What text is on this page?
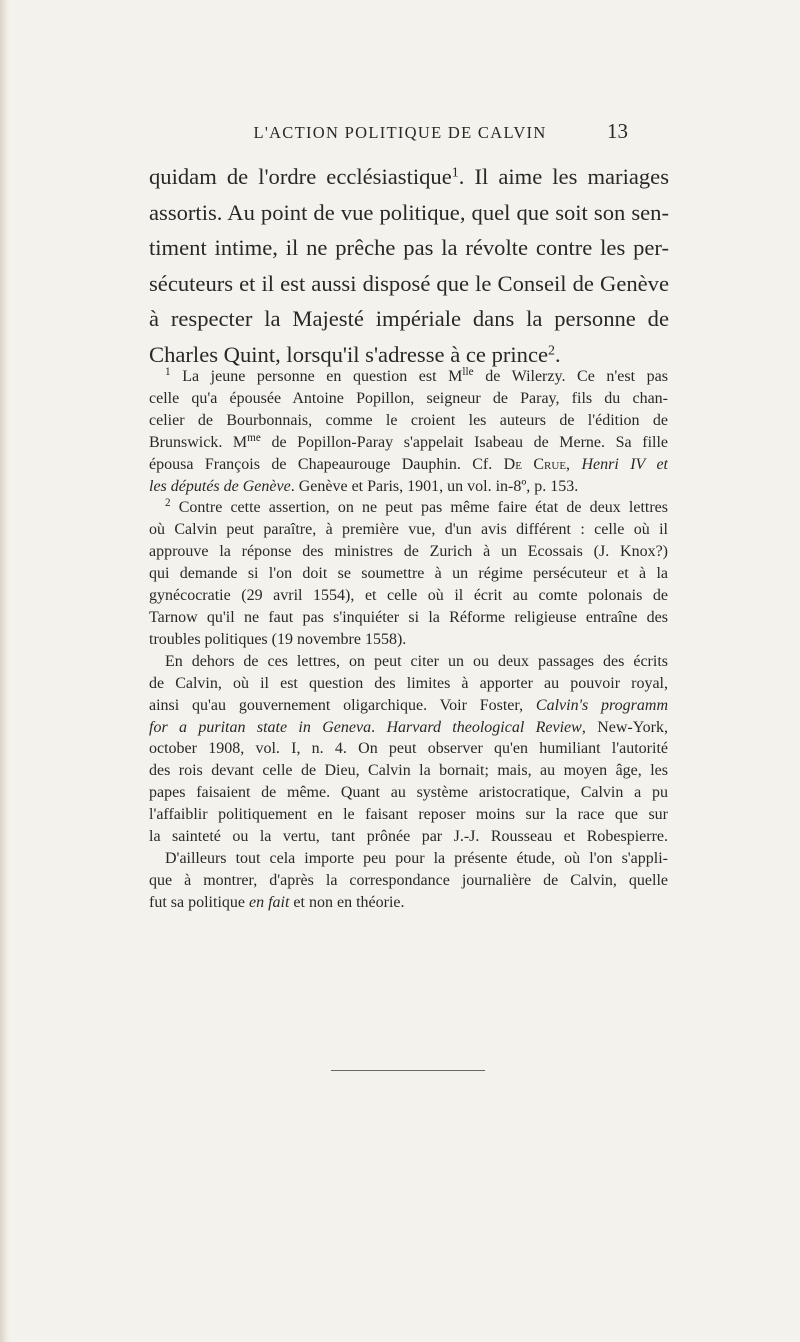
L'ACTION POLITIQUE DE CALVIN	13
quidam de l'ordre ecclésiastique$^1$. Il aime les mariages
assortis. Au point de vue politique, quel que soit son sen-
timent intime, il ne prêche pas la révolte contre les per-
sécuteurs et il est aussi disposé que le Conseil de Genève
à respecter la Majesté impériale dans la personne de
Charles Quint, lorsqu'il s'adresse à ce prince$^2$.
$^1$ La jeune personne en question est $M^{lle}$ de Wilerzy. Ce n'est pas
celle qu'a épousée Antoine Popillon, seigneur de Paray, fils du chan-
celier de Bourbonnais, comme le croient les auteurs de l'édition de
Brunswick. $M^{me}$ de Popillon-Paray s'appelait Isabeau de Merne. Sa fille
épousa François de Chapeaurouge Dauphin. Cf. De Crue, Henri IV et
les députés de Genève. Genève et Paris, 1901, un vol. in-8º, p. 153.
$^2$ Contre cette assertion, on ne peut pas même faire état de deux lettres
où Calvin peut paraître, à première vue, d'un avis différent : celle où il
approuve la réponse des ministres de Zurich à un Ecossais (J. Knox?)
qui demande si l'on doit se soumettre à un régime persécuteur et à la
gynécocratie (29 avril 1554), et celle où il écrit au comte polonais de
Tarnow qu'il ne faut pas s'inquiéter si la Réforme religieuse entraîne des
troubles politiques (19 novembre 1558).
En dehors de ces lettres, on peut citer un ou deux passages des écrits
de Calvin, où il est question des limites à apporter au pouvoir royal,
ainsi qu'au gouvernement oligarchique. Voir Foster, Calvin's programm
for a puritan state in Geneva. Harvard theological Review, New-York,
october 1908, vol. I, n. 4. On peut observer qu'en humiliant l'autorité
des rois devant celle de Dieu, Calvin la bornait; mais, au moyen âge, les
papes faisaient de même. Quant au système aristocratique, Calvin a pu
l'affaiblir politiquement en le faisant reposer moins sur la race que sur
la sainteté ou la vertu, tant prônée par J.-J. Rousseau et Robespierre.
D'ailleurs tout cela importe peu pour la présente étude, où l'on s'appli-
que à montrer, d'après la correspondance journalière de Calvin, quelle
fut sa politique en fait et non en théorie.
